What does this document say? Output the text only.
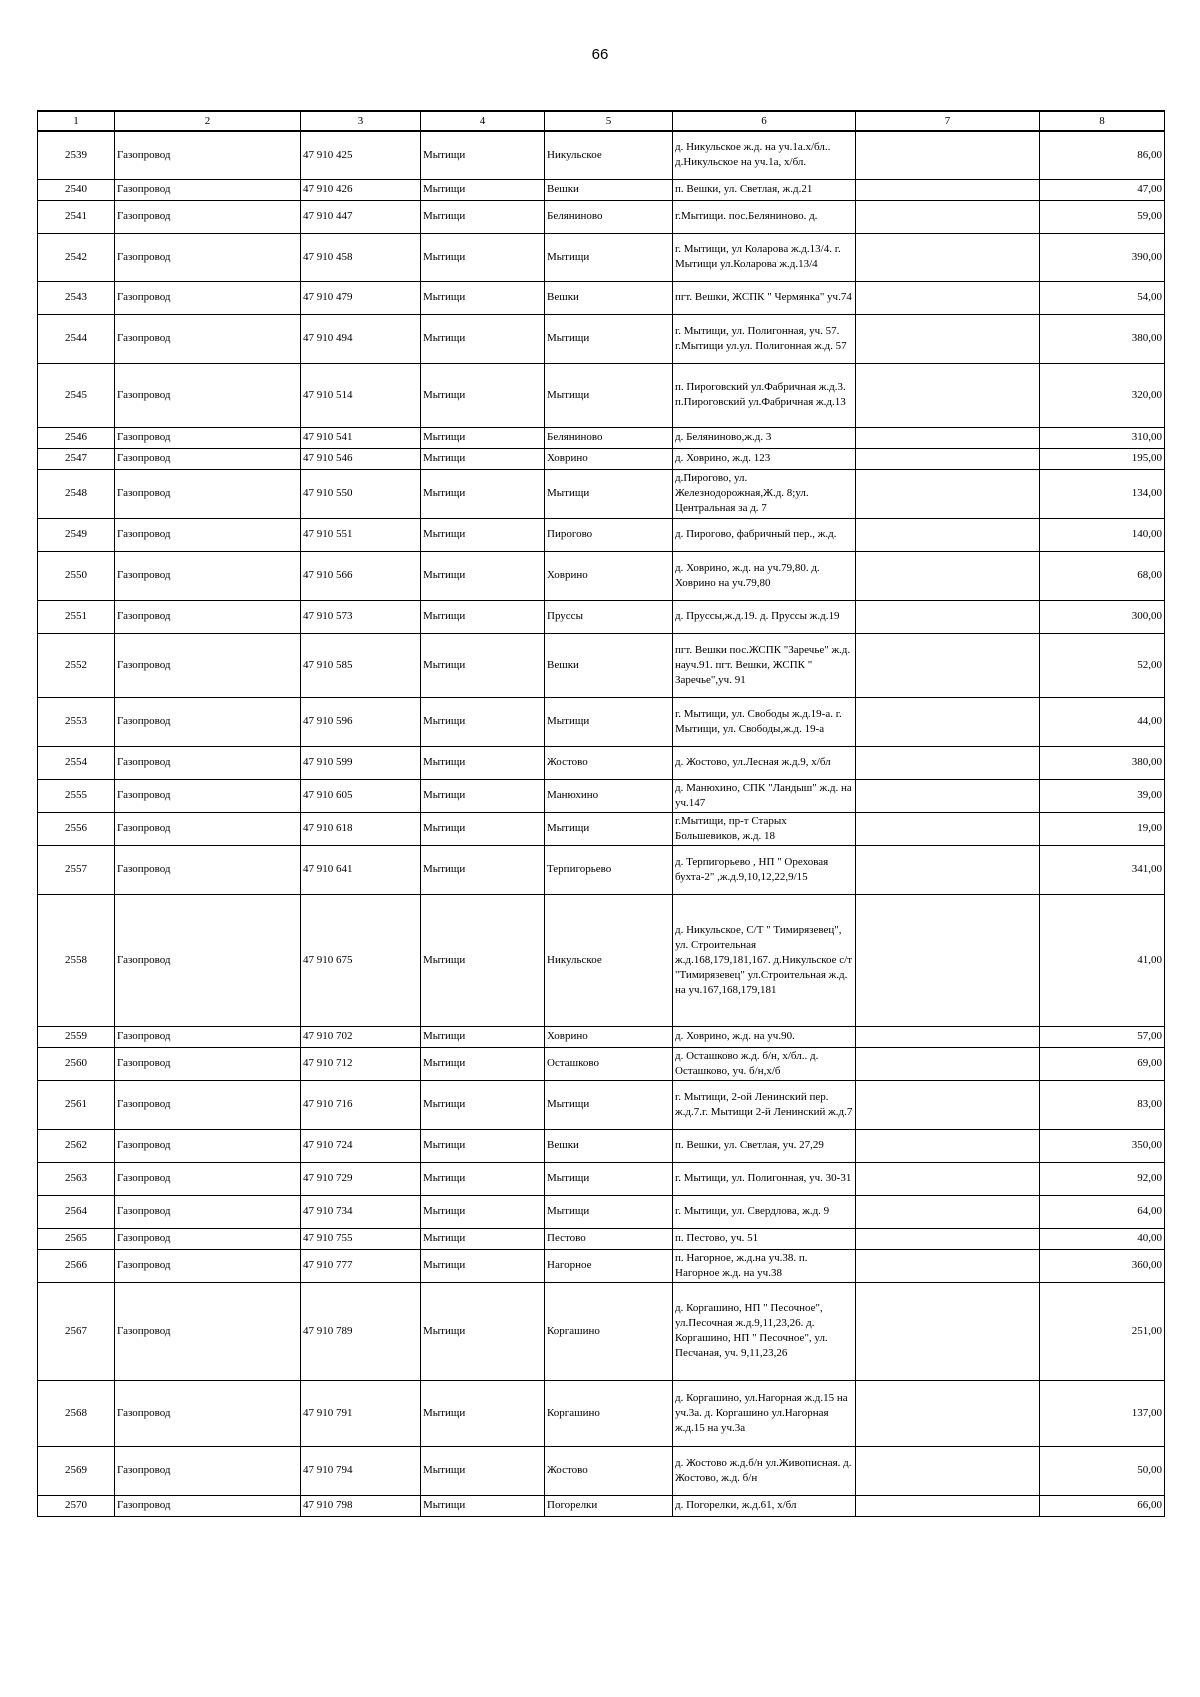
66
1	2	3	4	5	6	7	8
2539	Газопровод	47 910 425	Мытищи	Никульское	д. Никульское ж.д. на уч.1а.х/бл.. д.Никульское на уч.1а, х/бл.		86,00
2540	Газопровод	47 910 426	Мытищи	Вешки	п. Вешки, ул. Светлая, ж.д.21		47,00
2541	Газопровод	47 910 447	Мытищи	Беляниново	г.Мытищи. пос.Беляниново. д.		59,00
2542	Газопровод	47 910 458	Мытищи	Мытищи	г. Мытищи, ул Коларова ж.д.13/4. г. Мытищи ул.Коларова ж.д.13/4		390,00
2543	Газопровод	47 910 479	Мытищи	Вешки	пгт. Вешки, ЖСПК " Чермянка" уч.74		54,00
2544	Газопровод	47 910 494	Мытищи	Мытищи	г. Мытищи, ул. Полигонная, уч. 57. г.Мытищи ул.ул. Полигонная ж.д. 57		380,00
2545	Газопровод	47 910 514	Мытищи	Мытищи	п. Пироговский ул.Фабричная ж.д.3. п.Пироговский ул.Фабричная ж.д.13		320,00
2546	Газопровод	47 910 541	Мытищи	Беляниново	д. Беляниново,ж.д. 3		310,00
2547	Газопровод	47 910 546	Мытищи	Ховрино	д. Ховрино, ж.д. 123		195,00
2548	Газопровод	47 910 550	Мытищи	Мытищи	д.Пирогово, ул. Железнодорожная,Ж.д. 8;ул. Центральная за д. 7		134,00
2549	Газопровод	47 910 551	Мытищи	Пирогово	д. Пирогово, фабричный пер., ж.д.		140,00
2550	Газопровод	47 910 566	Мытищи	Ховрино	д. Ховрино, ж.д. на уч.79,80. д. Ховрино на уч.79,80		68,00
2551	Газопровод	47 910 573	Мытищи	Пруссы	д. Пруссы,ж.д.19. д. Пруссы ж.д.19		300,00
2552	Газопровод	47 910 585	Мытищи	Вешки	пгт. Вешки пос.ЖСПК "Заречье" ж.д. науч.91. пгт. Вешки, ЖСПК " Заречье",уч. 91		52,00
2553	Газопровод	47 910 596	Мытищи	Мытищи	г. Мытищи, ул. Свободы ж.д.19-а. г. Мытищи, ул. Свободы,ж.д. 19-а		44,00
2554	Газопровод	47 910 599	Мытищи	Жостово	д. Жостово, ул.Лесная ж.д.9, х/бл		380,00
2555	Газопровод	47 910 605	Мытищи	Манюхино	д. Манюхино, СПК "Ландыш" ж.д. на уч.147		39,00
2556	Газопровод	47 910 618	Мытищи	Мытищи	г.Мытищи, пр-т Старых Большевиков, ж.д. 18		19,00
2557	Газопровод	47 910 641	Мытищи	Терпигорьево	д. Терпигорьево , НП " Ореховая бухта-2" ,ж.д.9,10,12,22,9/15		341,00
2558	Газопровод	47 910 675	Мытищи	Никульское	д. Никульское, С/Т " Тимирязевец", ул. Строительная ж.д.168,179,181,167. д.Никульское с/т "Тимирязевец" ул.Строительная ж.д. на уч.167,168,179,181		41,00
2559	Газопровод	47 910 702	Мытищи	Ховрино	д. Ховрино, ж.д. на уч.90.		57,00
2560	Газопровод	47 910 712	Мытищи	Осташково	д. Осташково ж.д. б/н, х/бл.. д. Осташково, уч. б/н,х/б		69,00
2561	Газопровод	47 910 716	Мытищи	Мытищи	г. Мытищи, 2-ой Ленинский пер. ж.д.7.г. Мытищи 2-й Ленинский ж.д.7		83,00
2562	Газопровод	47 910 724	Мытищи	Вешки	п. Вешки, ул. Светлая, уч. 27,29		350,00
2563	Газопровод	47 910 729	Мытищи	Мытищи	г. Мытищи, ул. Полигонная, уч. 30-31		92,00
2564	Газопровод	47 910 734	Мытищи	Мытищи	г. Мытищи, ул. Свердлова, ж.д. 9		64,00
2565	Газопровод	47 910 755	Мытищи	Пестово	п. Пестово, уч. 51		40,00
2566	Газопровод	47 910 777	Мытищи	Нагорное	п. Нагорное, ж.д.на уч.38. п. Нагорное ж.д. на уч.38		360,00
2567	Газопровод	47 910 789	Мытищи	Коргашино	д. Коргашино, НП " Песочное", ул.Песочная ж.д.9,11,23,26. д. Коргашино, НП " Песочное", ул. Песчаная, уч. 9,11,23,26		251,00
2568	Газопровод	47 910 791	Мытищи	Коргашино	д. Коргашино, ул.Нагорная ж.д.15 на уч.3а. д. Коргашино ул.Нагорная ж.д.15 на уч.3а		137,00
2569	Газопровод	47 910 794	Мытищи	Жостово	д. Жостово ж.д.б/н ул.Живописная. д. Жостово, ж.д. б/н		50,00
2570	Газопровод	47 910 798	Мытищи	Погорелки	д. Погорелки, ж.д.61, х/бл		66,00
